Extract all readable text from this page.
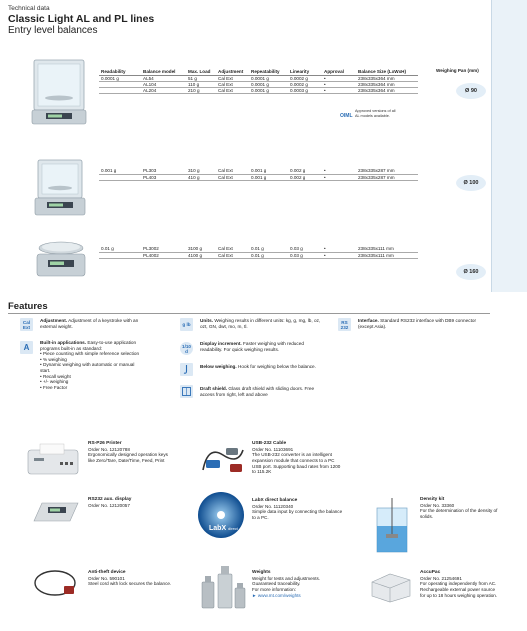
Technical data
Classic Light AL and PL lines
Entry level balances
Readability	Balance model	Max. Load	Adjustment	Repeatability	Linearity	Approval	Balance Size (LxWxH)
0.0001 g	AL54	51 g	Cal Ext	0.0001 g	0.0002 g	•	238x335x364 mm
	AL104	110 g	Cal Ext	0.0001 g	0.0002 g	•	238x335x364 mm
	AL204	210 g	Cal Ext	0.0001 g	0.0003 g	•	238x335x364 mm
Weighing Pan (mm)
Ø 90
OIML
Approved versions of all
AL models available.
0.001 g	PL303	310 g	Cal Ext	0.001 g	0.002 g	•	238x335x287 mm
	PL403	410 g	Cal Ext	0.001 g	0.002 g	•	238x335x287 mm
Ø 100
0.01 g	PL3002	3100 g	Cal Ext	0.01 g	0.03 g	•	238x335x111 mm
	PL4002	4100 g	Cal Ext	0.01 g	0.03 g	•	238x335x111 mm
Ø 160
Features
Cal Ext
Adjustment. Adjustment of a keystroke with an external weight.
A
Built-in applications. Easy-to-use application programs built-in as standard:
• Piece counting with simple reference selection
• % weighing
• Dynamic weighing with automatic or manual start.
• Recall weight
• +/- weighing
• Free Factor
g lb
Units. Weighing results in different units: kg, g, mg, lb, oz, ozt, GN, dwt, mo, m, tl.
1/10 d
Display increment. Faster weighing with reduced readability. For quick weighing results.
Below weighing. Hook for weighing below the balance.
Draft shield. Glass draft shield with sliding doors. Free access from right, left and above
RS 232
Interface. Standard RS232 interface with DB9 connector (except Asia).
RS-P26 Printer
Order No. 12120788
Ergonomically designed operation keys like Zero/Tare, Date/Time, Feed, Print
USB-232 Cable
Order No. 11103691
The USB-232 converter is an intelligent expansion module that connects to a PC USB port. Supporting baud rates from 1200 to 115.2K
RS232 aux. display
Order No. 12120057
LabX direct
LabX direct balance
Order No. 11120340
Simple data input by connecting the balance to a PC.
Density kit
Order No. 33360
For the determination of the density of solids.
Anti-theft device
Order No. 590101
Steel cord with lock secures the balance.
Weights
Weight for tests and adjustments.
Guaranteed traceability.
For more information:
► www.mt.com/weights
AccuPac
Order No. 21254691
For operating independently from AC. Rechargeable external power source for up to 18 hours weighing operation.
